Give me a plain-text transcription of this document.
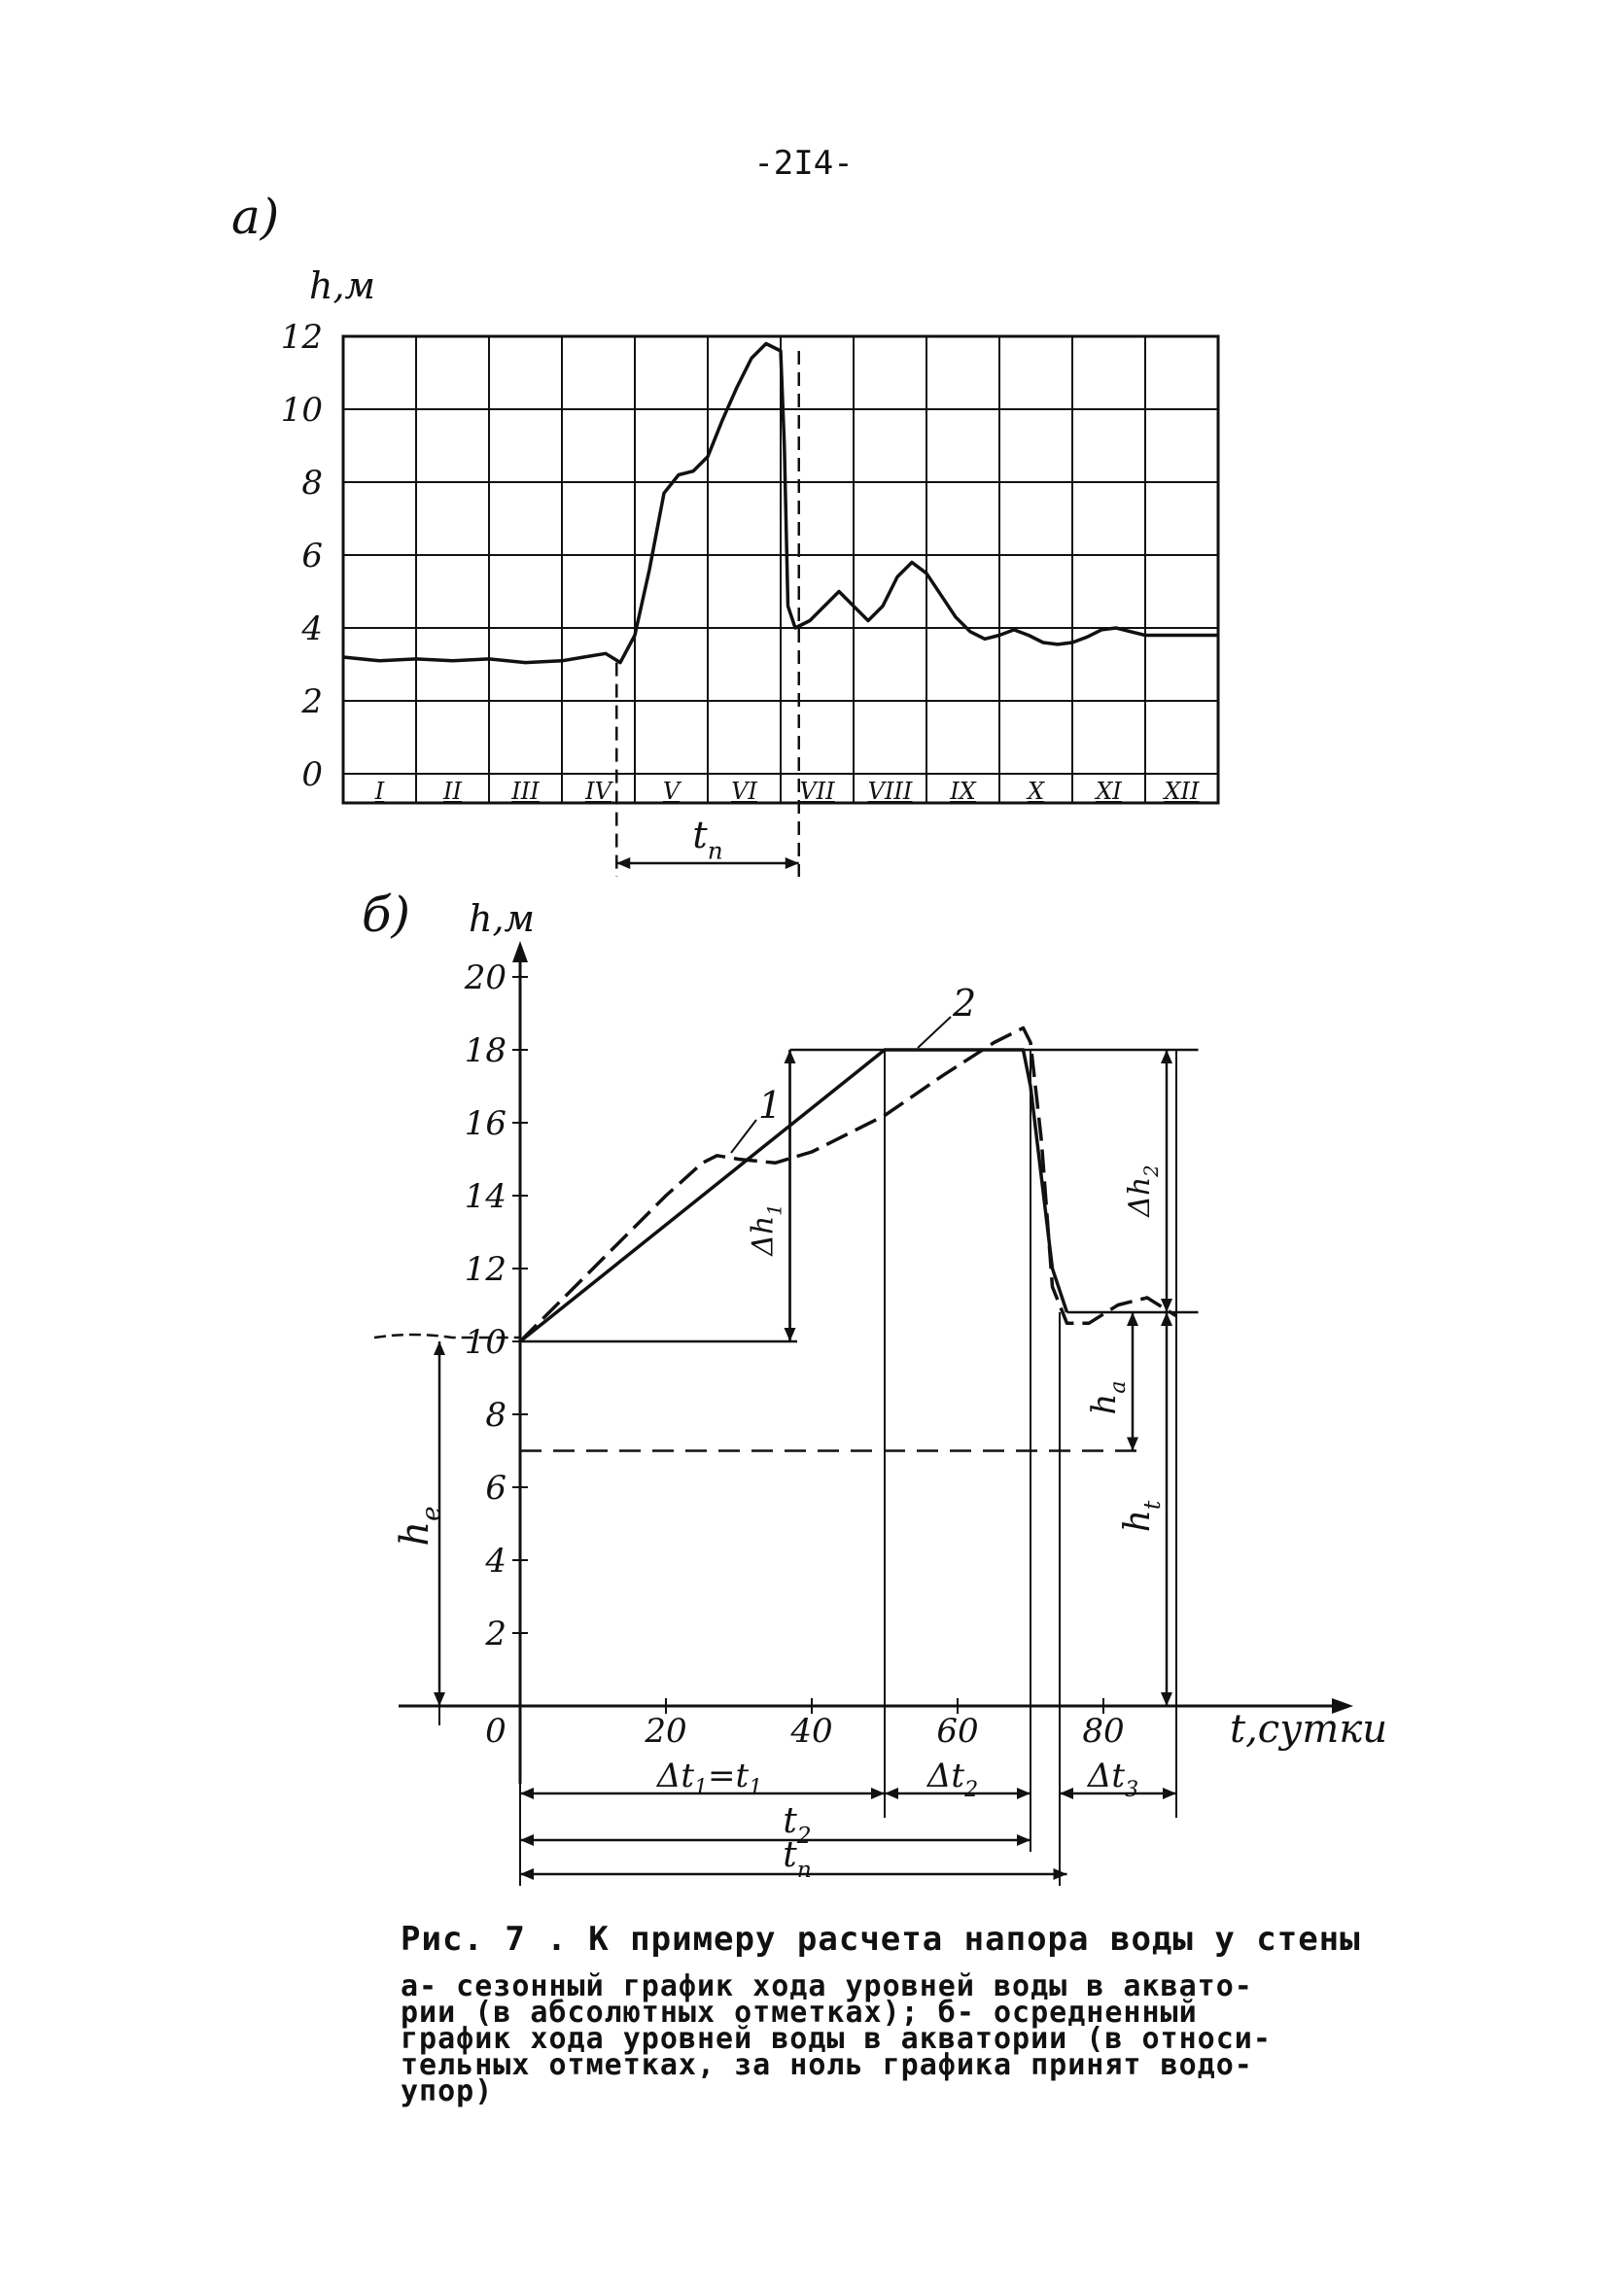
-2I4-
а)
h,м
0
2
4
6
8
10
12
I	II III IV V VI VII VIII IX X XI XII
$t_п$
б) h,м
t,сутки
2
4
6
8
10
12
14
16
18
20
0	20	40	60	80
1
2
$\Delta h_1$	$\Delta h_2$
$h_a$
$h_t$
$h_e$
$\Delta t_1=t_1$	$\Delta t_2$	$\Delta t_3$
$t_2$
$t_п$
Рис. 7 . К примеру расчета напора воды у стены
а- сезонный график хода уровней воды в аквато-
рии (в абсолютных отметках); б- осредненный
график хода уровней воды в акватории (в относи-
тельных отметках, за ноль графика принят водо-
упор)
